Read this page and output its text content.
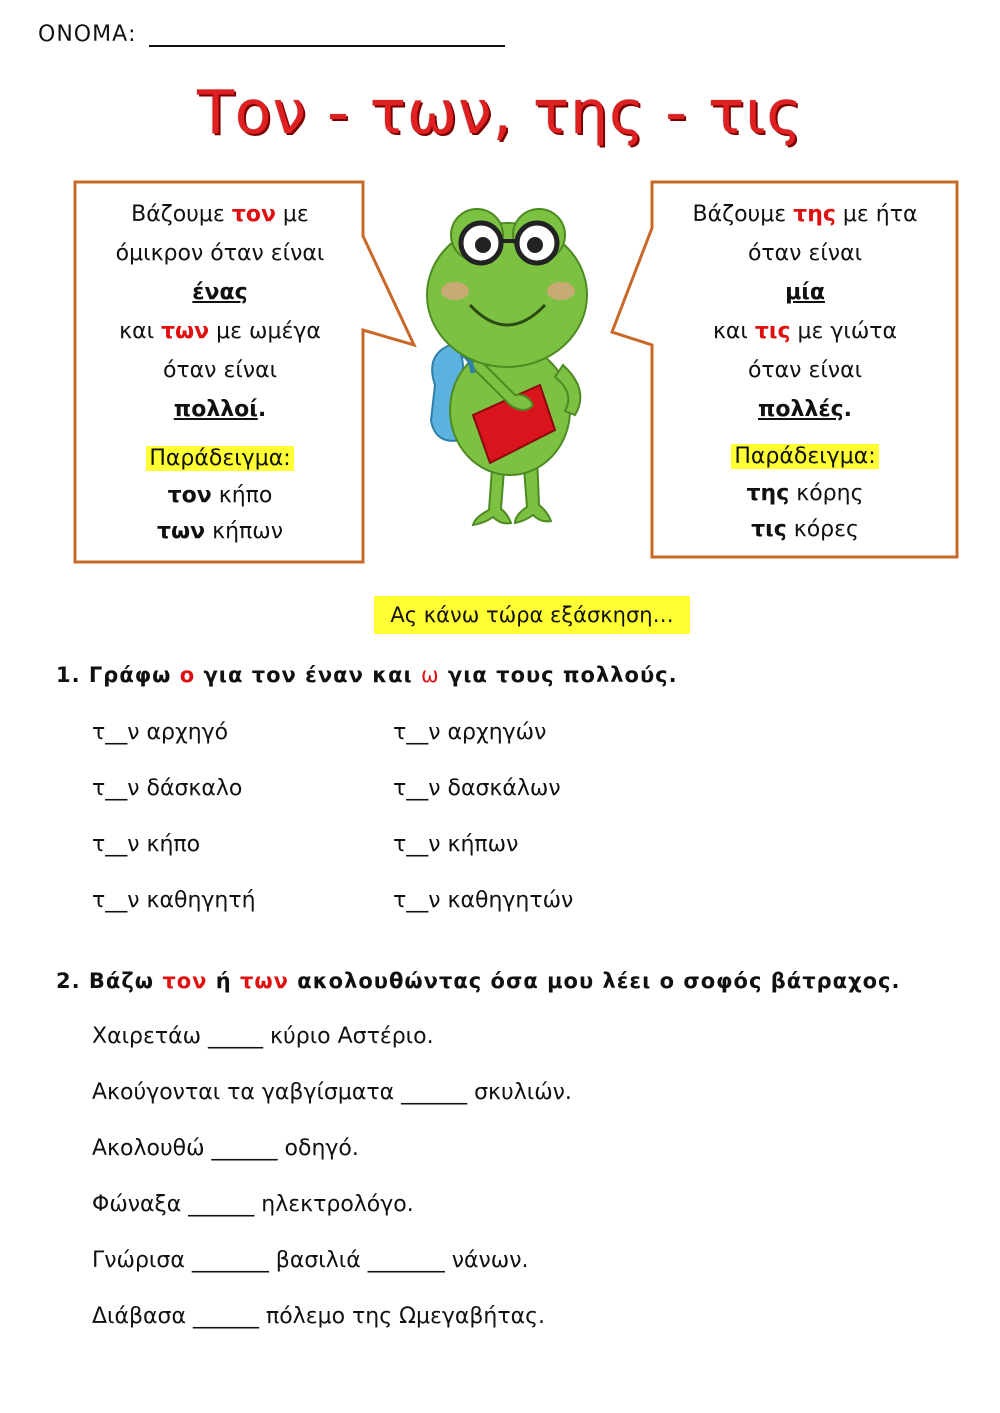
ΟΝΟΜΑ:
Τον - των, της - τις
Βάζουμε τον με
όμικρον όταν είναι
ένας
και των με ωμέγα
όταν είναι
πολλοί.
Παράδειγμα:
τον κήπο
των κήπων
Βάζουμε της με ήτα
όταν είναι
μία
και τις με γιώτα
όταν είναι
πολλές.
Παράδειγμα:
της κόρης
τις κόρες
Ας κάνω τώρα εξάσκηση…
1. Γράφω ο για τον έναν και ω για τους πολλούς.
τ__ν αρχηγό
τ__ν δάσκαλο
τ__ν κήπο
τ__ν καθηγητή
τ__ν αρχηγών
τ__ν δασκάλων
τ__ν κήπων
τ__ν καθηγητών
2. Βάζω τον ή των ακολουθώντας όσα μου λέει ο σοφός βάτραχος.
Χαιρετάω _____ κύριο Αστέριο.
Ακούγονται τα γαβγίσματα ______ σκυλιών.
Ακολουθώ ______ οδηγό.
Φώναξα ______ ηλεκτρολόγο.
Γνώρισα _______ βασιλιά _______ νάνων.
Διάβασα ______ πόλεμο της Ωμεγαβήτας.
